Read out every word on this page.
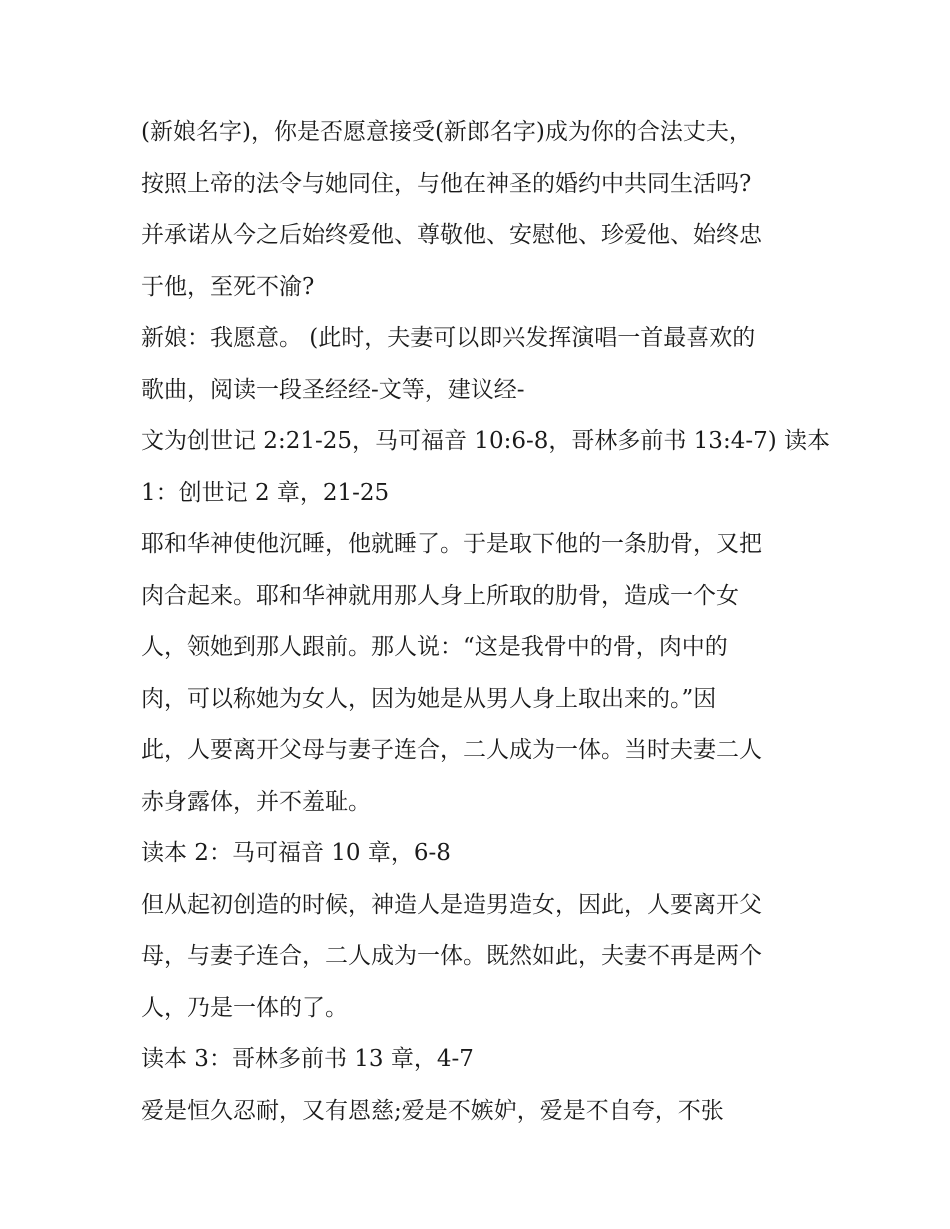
(新娘名字)，你是否愿意接受(新郎名字)成为你的合法丈夫，

按照上帝的法令与她同住，与他在神圣的婚约中共同生活吗?

并承诺从今之后始终爱他、尊敬他、安慰他、珍爱他、始终忠

于他，至死不渝?

新娘：我愿意。 (此时，夫妻可以即兴发挥演唱一首最喜欢的

歌曲，阅读一段圣经经-文等，建议经-

文为创世记 2:21-25，马可福音 10:6-8，哥林多前书 13:4-7) 读本

1：创世记 2 章，21-25

耶和华神使他沉睡，他就睡了。于是取下他的一条肋骨，又把

肉合起来。耶和华神就用那人身上所取的肋骨，造成一个女

人，领她到那人跟前。那人说：“这是我骨中的骨，肉中的

肉，可以称她为女人，因为她是从男人身上取出来的。”因

此，人要离开父母与妻子连合，二人成为一体。当时夫妻二人

赤身露体，并不羞耻。

读本 2：马可福音 10 章，6-8

但从起初创造的时候，神造人是造男造女，因此，人要离开父

母，与妻子连合，二人成为一体。既然如此，夫妻不再是两个

人，乃是一体的了。

读本 3：哥林多前书 13 章，4-7

爱是恒久忍耐，又有恩慈;爱是不嫉妒，爱是不自夸，不张
